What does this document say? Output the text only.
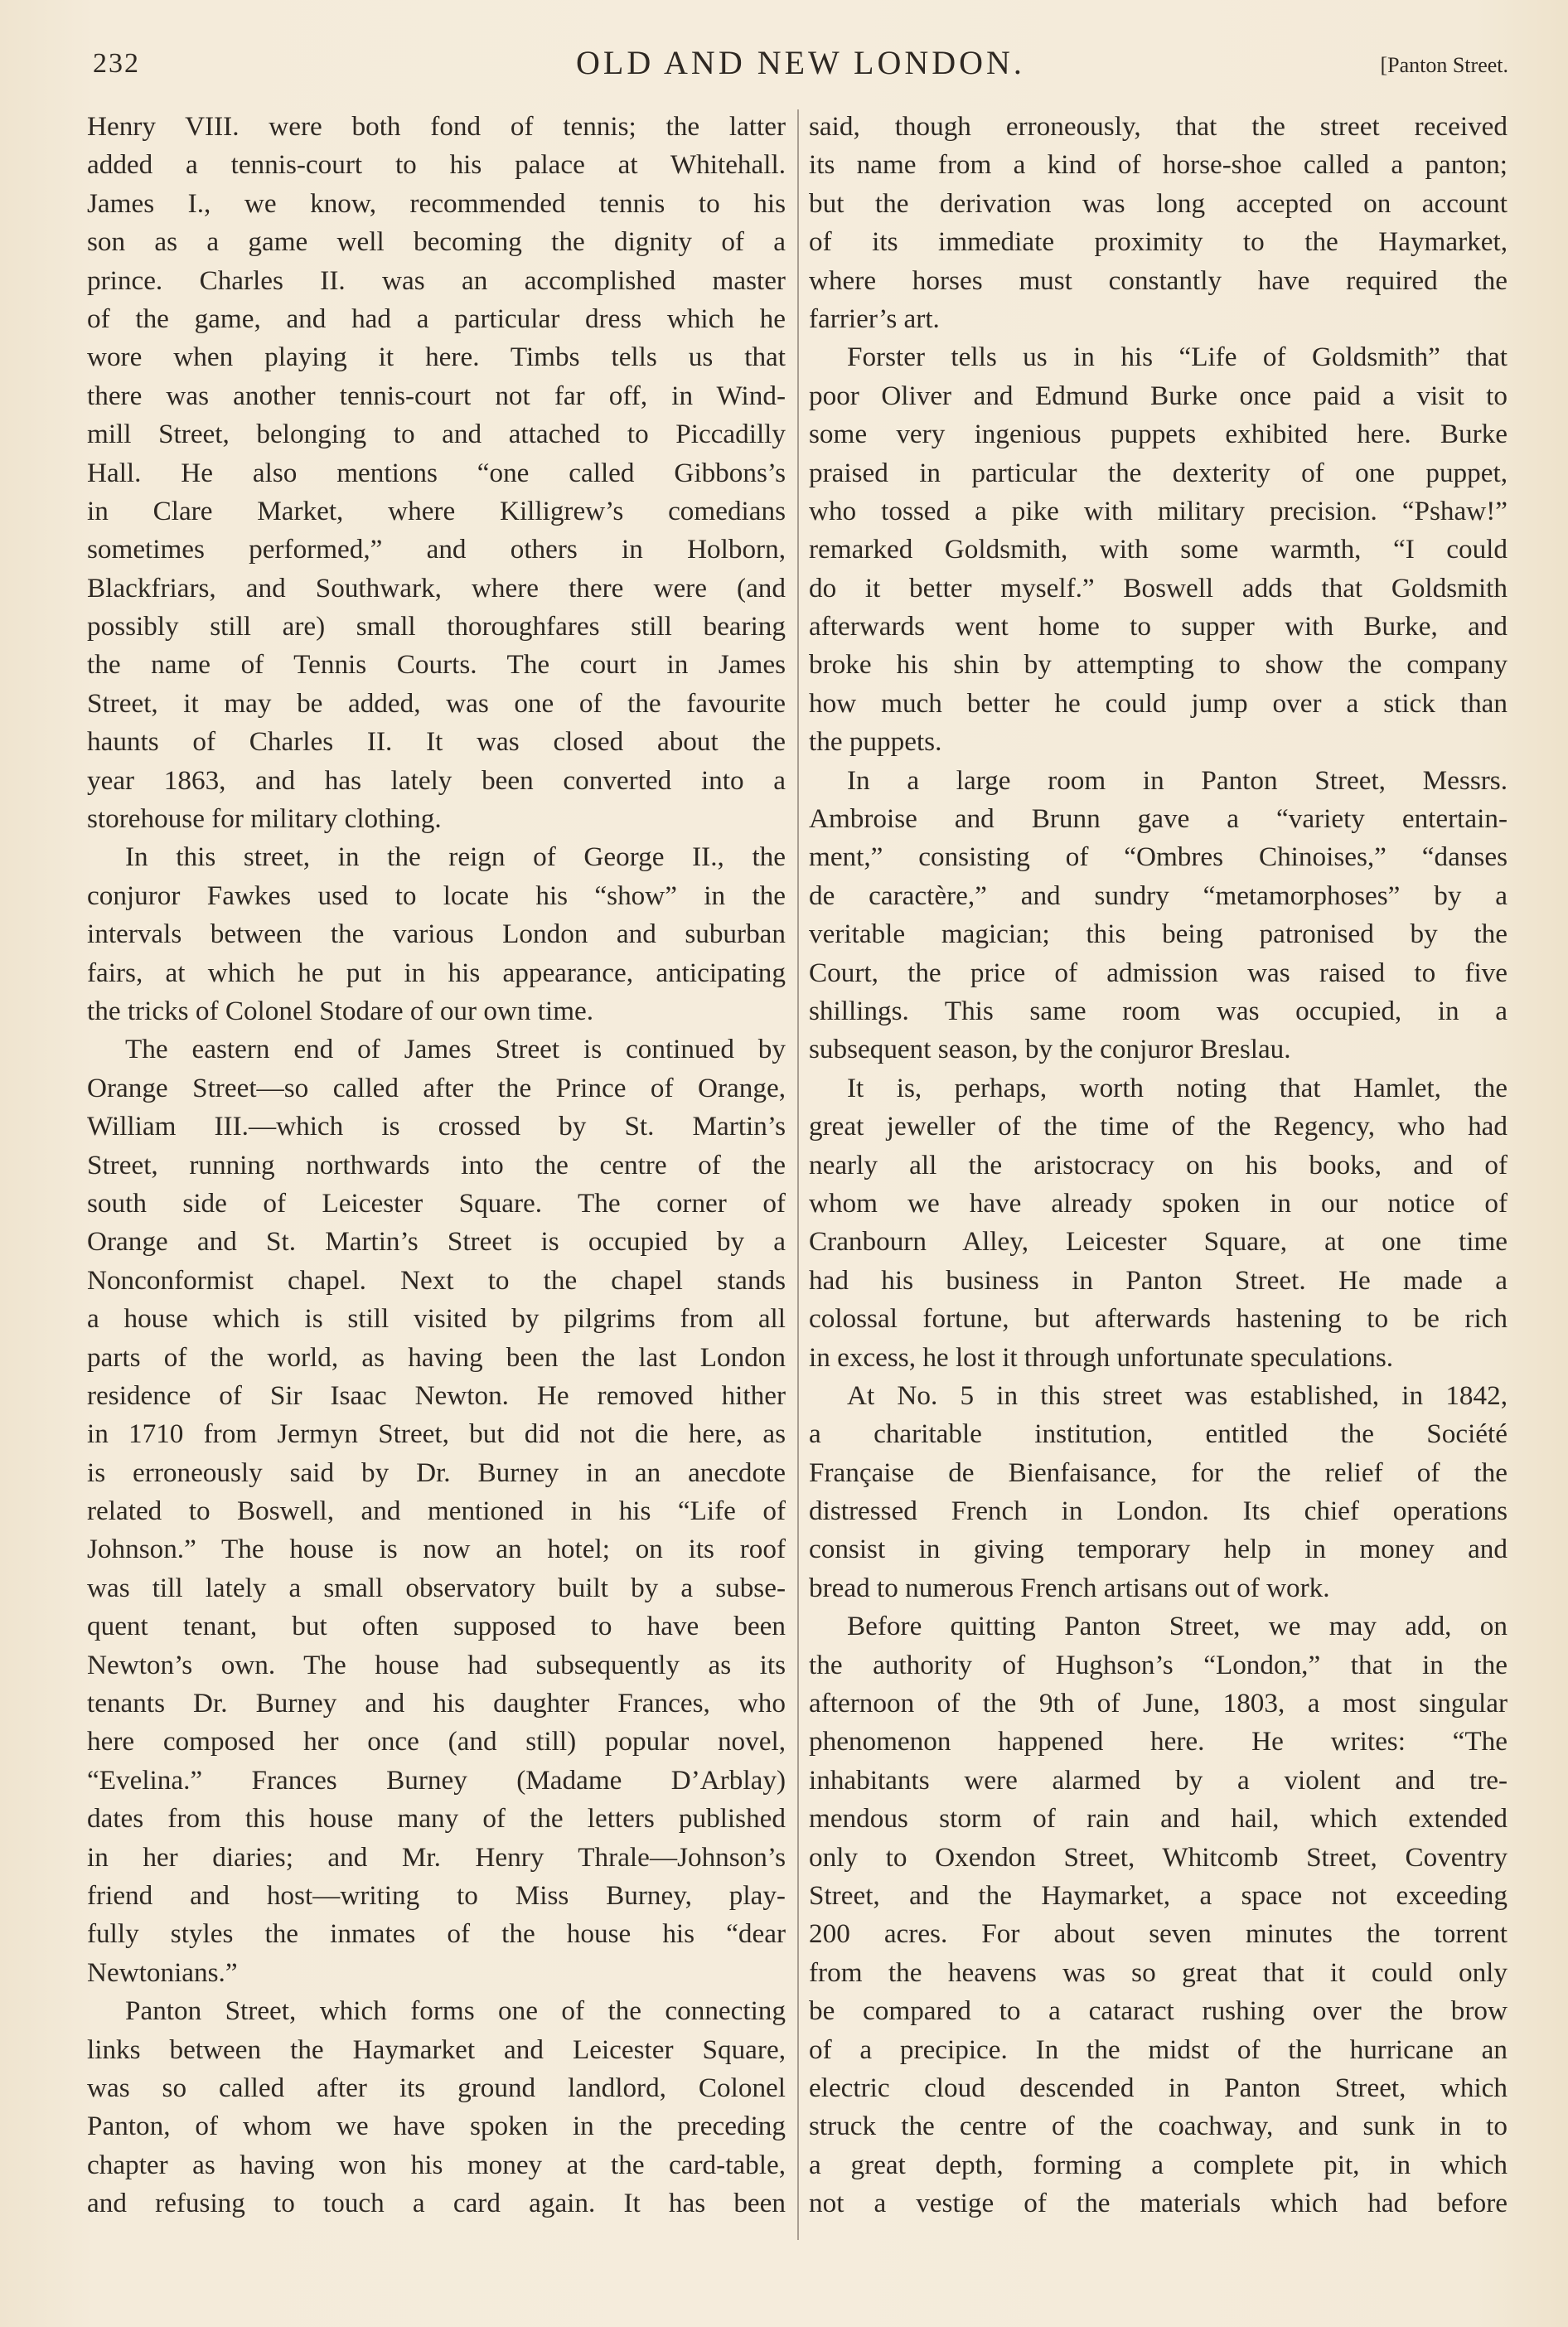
232	OLD AND NEW LONDON.	[Panton Street.
Henry VIII. were both fond of tennis; the latter
added a tennis-court to his palace at Whitehall.
James I., we know, recommended tennis to his
son as a game well becoming the dignity of a
prince. Charles II. was an accomplished master
of the game, and had a particular dress which he
wore when playing it here. Timbs tells us that
there was another tennis-court not far off, in Wind-
mill Street, belonging to and attached to Piccadilly
Hall. He also mentions “one called Gibbons’s
in Clare Market, where Killigrew’s comedians
sometimes performed,” and others in Holborn,
Blackfriars, and Southwark, where there were (and
possibly still are) small thoroughfares still bearing
the name of Tennis Courts. The court in James
Street, it may be added, was one of the favourite
haunts of Charles II. It was closed about the
year 1863, and has lately been converted into a
storehouse for military clothing.
In this street, in the reign of George II., the
conjuror Fawkes used to locate his “show” in the
intervals between the various London and suburban
fairs, at which he put in his appearance, anticipating
the tricks of Colonel Stodare of our own time.
The eastern end of James Street is continued by
Orange Street—so called after the Prince of Orange,
William III.—which is crossed by St. Martin’s
Street, running northwards into the centre of the
south side of Leicester Square. The corner of
Orange and St. Martin’s Street is occupied by a
Nonconformist chapel. Next to the chapel stands
a house which is still visited by pilgrims from all
parts of the world, as having been the last London
residence of Sir Isaac Newton. He removed hither
in 1710 from Jermyn Street, but did not die here, as
is erroneously said by Dr. Burney in an anecdote
related to Boswell, and mentioned in his “Life of
Johnson.” The house is now an hotel; on its roof
was till lately a small observatory built by a subse-
quent tenant, but often supposed to have been
Newton’s own. The house had subsequently as its
tenants Dr. Burney and his daughter Frances, who
here composed her once (and still) popular novel,
“Evelina.” Frances Burney (Madame D’Arblay)
dates from this house many of the letters published
in her diaries; and Mr. Henry Thrale—Johnson’s
friend and host—writing to Miss Burney, play-
fully styles the inmates of the house his “dear
Newtonians.”
Panton Street, which forms one of the connecting
links between the Haymarket and Leicester Square,
was so called after its ground landlord, Colonel
Panton, of whom we have spoken in the preceding
chapter as having won his money at the card-table,
and refusing to touch a card again. It has been
said, though erroneously, that the street received
its name from a kind of horse-shoe called a panton;
but the derivation was long accepted on account
of its immediate proximity to the Haymarket,
where horses must constantly have required the
farrier’s art.
Forster tells us in his “Life of Goldsmith” that
poor Oliver and Edmund Burke once paid a visit to
some very ingenious puppets exhibited here. Burke
praised in particular the dexterity of one puppet,
who tossed a pike with military precision. “Pshaw!”
remarked Goldsmith, with some warmth, “I could
do it better myself.” Boswell adds that Goldsmith
afterwards went home to supper with Burke, and
broke his shin by attempting to show the company
how much better he could jump over a stick than
the puppets.
In a large room in Panton Street, Messrs.
Ambroise and Brunn gave a “variety entertain-
ment,” consisting of “Ombres Chinoises,” “danses
de caractère,” and sundry “metamorphoses” by a
veritable magician; this being patronised by the
Court, the price of admission was raised to five
shillings. This same room was occupied, in a
subsequent season, by the conjuror Breslau.
It is, perhaps, worth noting that Hamlet, the
great jeweller of the time of the Regency, who had
nearly all the aristocracy on his books, and of
whom we have already spoken in our notice of
Cranbourn Alley, Leicester Square, at one time
had his business in Panton Street. He made a
colossal fortune, but afterwards hastening to be rich
in excess, he lost it through unfortunate speculations.
At No. 5 in this street was established, in 1842,
a charitable institution, entitled the Société
Française de Bienfaisance, for the relief of the
distressed French in London. Its chief operations
consist in giving temporary help in money and
bread to numerous French artisans out of work.
Before quitting Panton Street, we may add, on
the authority of Hughson’s “London,” that in the
afternoon of the 9th of June, 1803, a most singular
phenomenon happened here. He writes: “The
inhabitants were alarmed by a violent and tre-
mendous storm of rain and hail, which extended
only to Oxendon Street, Whitcomb Street, Coventry
Street, and the Haymarket, a space not exceeding
200 acres. For about seven minutes the torrent
from the heavens was so great that it could only
be compared to a cataract rushing over the brow
of a precipice. In the midst of the hurricane an
electric cloud descended in Panton Street, which
struck the centre of the coachway, and sunk in to
a great depth, forming a complete pit, in which
not a vestige of the materials which had before
